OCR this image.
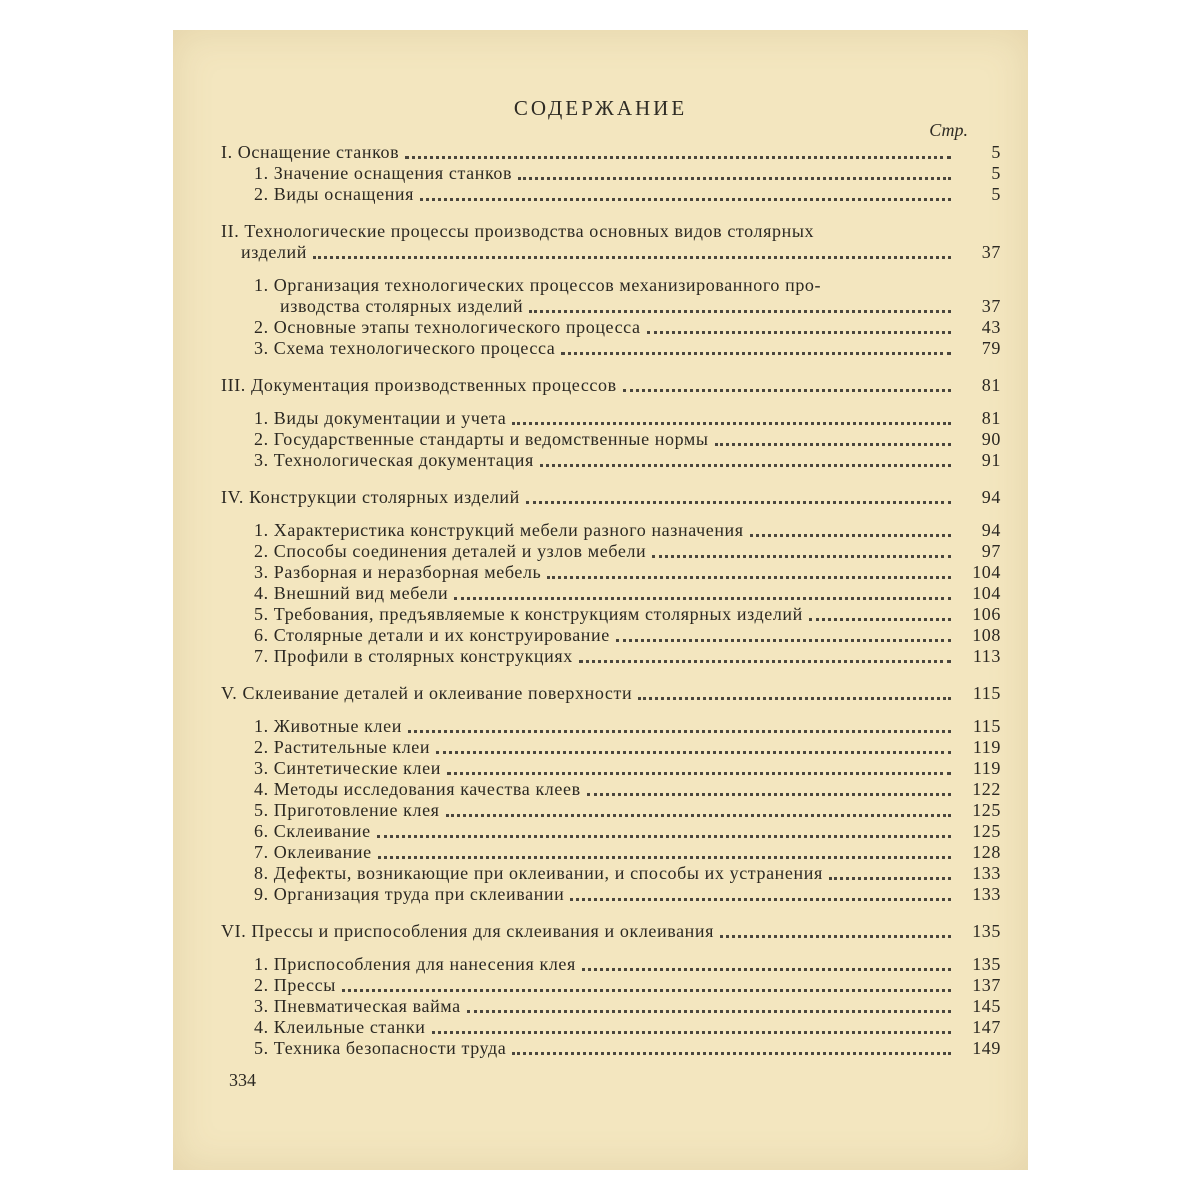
СОДЕРЖАНИЕ
Стр.
I. Оснащение станков	5
1. Значение оснащения станков	5
2. Виды оснащения	5
II. Технологические процессы производства основных видов столярных
изделий	37
1. Организация технологических процессов механизированного про-
изводства столярных изделий	37
2. Основные этапы технологического процесса	43
3. Схема технологического процесса	79
III. Документация производственных процессов	81
1. Виды документации и учета	81
2. Государственные стандарты и ведомственные нормы	90
3. Технологическая документация	91
IV. Конструкции столярных изделий	94
1. Характеристика конструкций мебели разного назначения	94
2. Способы соединения деталей и узлов мебели	97
3. Разборная и неразборная мебель	104
4. Внешний вид мебели	104
5. Требования, предъявляемые к конструкциям столярных изделий	106
6. Столярные детали и их конструирование	108
7. Профили в столярных конструкциях	113
V. Склеивание деталей и оклеивание поверхности	115
1. Животные клеи	115
2. Растительные клеи	119
3. Синтетические клеи	119
4. Методы исследования качества клеев	122
5. Приготовление клея	125
6. Склеивание	125
7. Оклеивание	128
8. Дефекты, возникающие при оклеивании, и способы их устранения	133
9. Организация труда при склеивании	133
VI. Прессы и приспособления для склеивания и оклеивания	135
1. Приспособления для нанесения клея	135
2. Прессы	137
3. Пневматическая вайма	145
4. Клеильные станки	147
5. Техника безопасности труда	149
334
